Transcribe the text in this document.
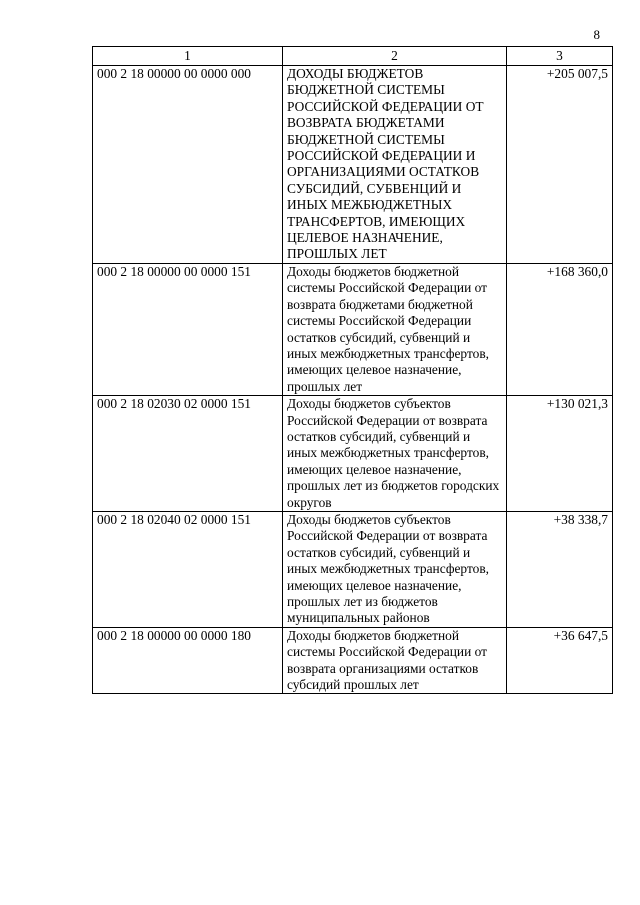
8
1	2	3
000 2 18 00000 00 0000 000	ДОХОДЫ БЮДЖЕТОВ БЮДЖЕТНОЙ СИСТЕМЫ РОССИЙСКОЙ ФЕДЕРАЦИИ ОТ ВОЗВРАТА БЮДЖЕТАМИ БЮДЖЕТНОЙ СИСТЕМЫ РОССИЙСКОЙ ФЕДЕРАЦИИ И ОРГАНИЗАЦИЯМИ ОСТАТКОВ СУБСИДИЙ, СУБВЕНЦИЙ И ИНЫХ МЕЖБЮДЖЕТНЫХ ТРАНСФЕРТОВ, ИМЕЮЩИХ ЦЕЛЕВОЕ НАЗНАЧЕНИЕ, ПРОШЛЫХ ЛЕТ	+205 007,5
000 2 18 00000 00 0000 151	Доходы бюджетов бюджетной системы Российской Федерации от возврата бюджетами бюджетной системы Российской Федерации остатков субсидий, субвенций и иных межбюджетных трансфертов, имеющих целевое назначение, прошлых лет	+168 360,0
000 2 18 02030 02 0000 151	Доходы бюджетов субъектов Российской Федерации от возврата остатков субсидий, субвенций и иных межбюджетных трансфертов, имеющих целевое назначение, прошлых лет из бюджетов городских округов	+130 021,3
000 2 18 02040 02 0000 151	Доходы бюджетов субъектов Российской Федерации от возврата остатков субсидий, субвенций и иных межбюджетных трансфертов, имеющих целевое назначение, прошлых лет из бюджетов муниципальных районов	+38 338,7
000 2 18 00000 00 0000 180	Доходы бюджетов бюджетной системы Российской Федерации от возврата организациями остатков субсидий прошлых лет	+36 647,5
